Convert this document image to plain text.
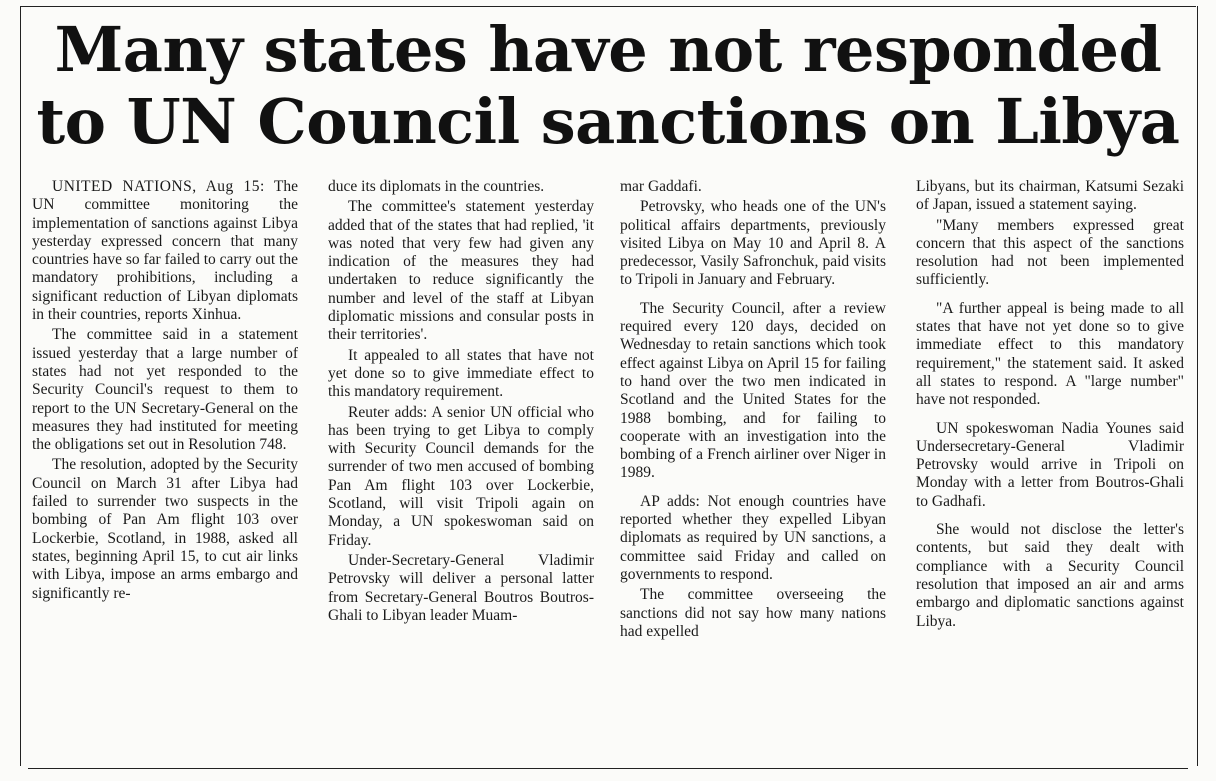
Many states have not responded to UN Council sanctions on Libya

UNITED NATIONS, Aug 15: The UN committee monitoring the implementation of sanctions against Libya yesterday expressed concern that many countries have so far failed to carry out the mandatory prohibitions, including a significant reduction of Libyan diplomats in their countries, reports Xinhua.

The committee said in a statement issued yesterday that a large number of states had not yet responded to the Security Council's request to them to report to the UN Secretary-General on the measures they had instituted for meeting the obligations set out in Resolution 748.

The resolution, adopted by the Security Council on March 31 after Libya had failed to surrender two suspects in the bombing of Pan Am flight 103 over Lockerbie, Scotland, in 1988, asked all states, beginning April 15, to cut air links with Libya, impose an arms embargo and significantly re-

duce its diplomats in the countries.

The committee's statement yesterday added that of the states that had replied, 'it was noted that very few had given any indication of the measures they had undertaken to reduce significantly the number and level of the staff at Libyan diplomatic missions and consular posts in their territories'.

It appealed to all states that have not yet done so to give immediate effect to this mandatory requirement.

Reuter adds: A senior UN official who has been trying to get Libya to comply with Security Council demands for the surrender of two men accused of bombing Pan Am flight 103 over Lockerbie, Scotland, will visit Tripoli again on Monday, a UN spokeswoman said on Friday.

Under-Secretary-General Vladimir Petrovsky will deliver a personal latter from Secretary-General Boutros Boutros-Ghali to Libyan leader Muam-

mar Gaddafi.

Petrovsky, who heads one of the UN's political affairs departments, previously visited Libya on May 10 and April 8. A predecessor, Vasily Safronchuk, paid visits to Tripoli in January and February.

The Security Council, after a review required every 120 days, decided on Wednesday to retain sanctions which took effect against Libya on April 15 for failing to hand over the two men indicated in Scotland and the United States for the 1988 bombing, and for failing to cooperate with an investigation into the bombing of a French airliner over Niger in 1989.

AP adds: Not enough countries have reported whether they expelled Libyan diplomats as required by UN sanctions, a committee said Friday and called on governments to respond.

The committee overseeing the sanctions did not say how many nations had expelled

Libyans, but its chairman, Katsumi Sezaki of Japan, issued a statement saying.

"Many members expressed great concern that this aspect of the sanctions resolution had not been implemented sufficiently.

"A further appeal is being made to all states that have not yet done so to give immediate effect to this mandatory requirement," the statement said. It asked all states to respond. A "large number" have not responded.

UN spokeswoman Nadia Younes said Undersecretary-General Vladimir Petrovsky would arrive in Tripoli on Monday with a letter from Boutros-Ghali to Gadhafi.

She would not disclose the letter's contents, but said they dealt with compliance with a Security Council resolution that imposed an air and arms embargo and diplomatic sanctions against Libya.
